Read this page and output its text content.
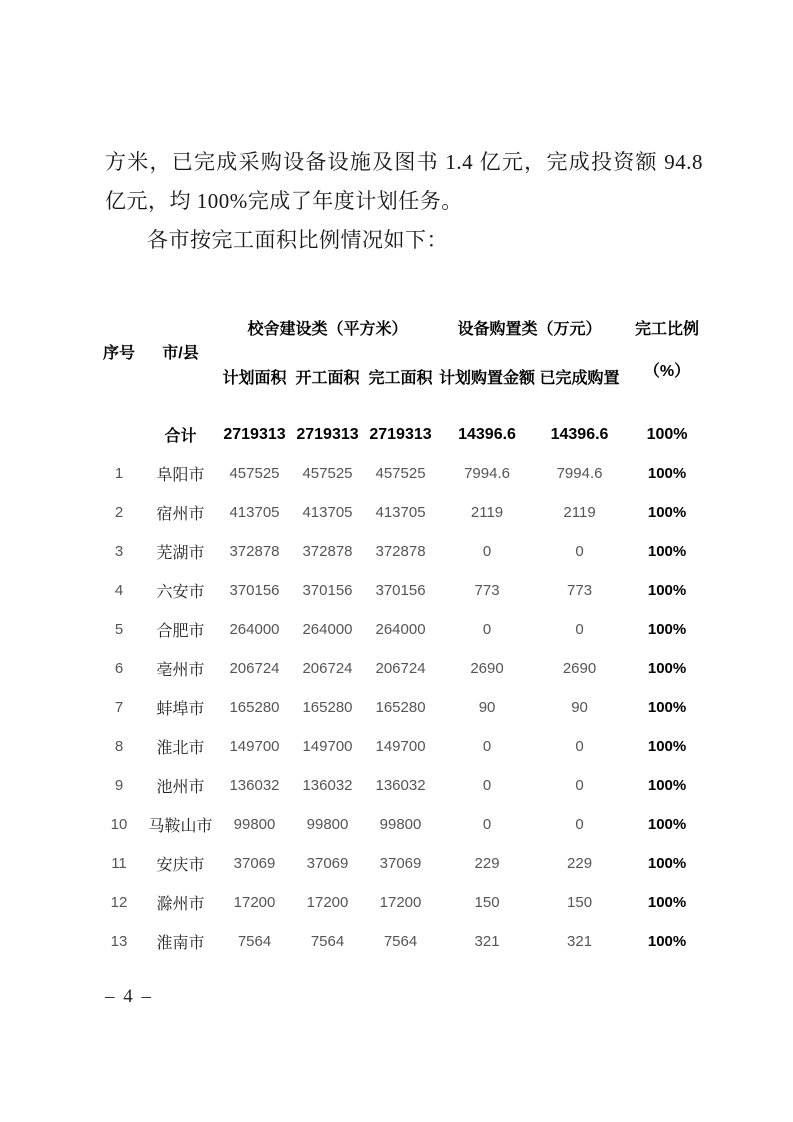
方米，已完成采购设备设施及图书 1.4 亿元，完成投资额 94.8 亿元，均 100%完成了年度计划任务。

各市按完工面积比例情况如下：

序号	市/县	校舍建设类（平方米）			设备购置类（万元）		完工比例
（%）
		计划面积	开工面积	完工面积	计划购置金额	已完成购置	
	合计	2719313	2719313	2719313	14396.6	14396.6	100%
1	阜阳市	457525	457525	457525	7994.6	7994.6	100%
2	宿州市	413705	413705	413705	2119	2119	100%
3	芜湖市	372878	372878	372878	0	0	100%
4	六安市	370156	370156	370156	773	773	100%
5	合肥市	264000	264000	264000	0	0	100%
6	亳州市	206724	206724	206724	2690	2690	100%
7	蚌埠市	165280	165280	165280	90	90	100%
8	淮北市	149700	149700	149700	0	0	100%
9	池州市	136032	136032	136032	0	0	100%
10	马鞍山市	99800	99800	99800	0	0	100%
11	安庆市	37069	37069	37069	229	229	100%
12	滁州市	17200	17200	17200	150	150	100%
13	淮南市	7564	7564	7564	321	321	100%
– 4 –
